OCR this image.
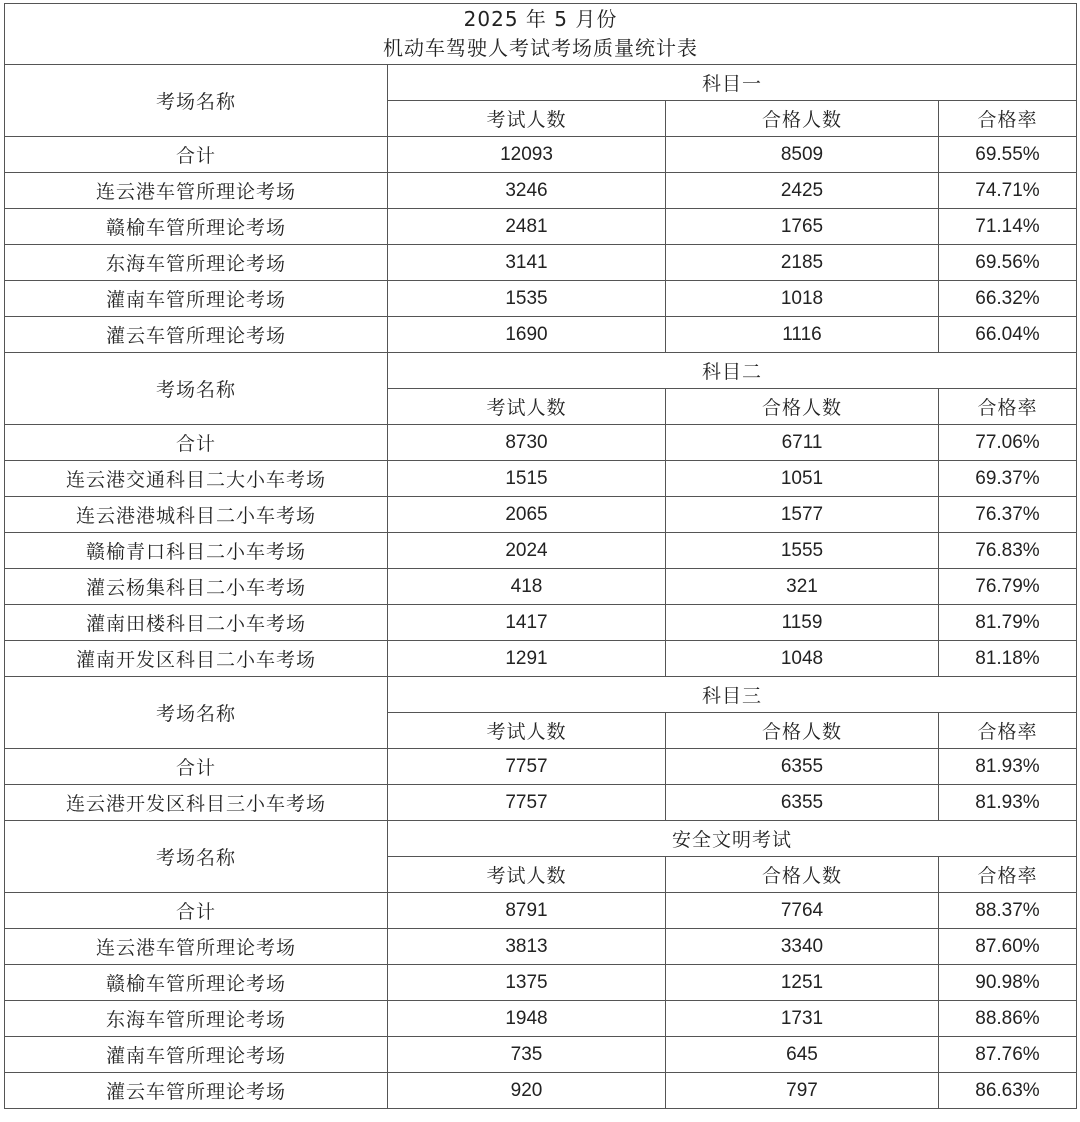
2025 年 5 月份
机动车驾驶人考试考场质量统计表			

考场名称	科目一		
	考试人数	合格人数	合格率
合计	12093	8509	69.55%
连云港车管所理论考场	3246	2425	74.71%
赣榆车管所理论考场	2481	1765	71.14%
东海车管所理论考场	3141	2185	69.56%
灌南车管所理论考场	1535	1018	66.32%
灌云车管所理论考场	1690	1116	66.04%
考场名称	科目二		
	考试人数	合格人数	合格率
合计	8730	6711	77.06%
连云港交通科目二大小车考场	1515	1051	69.37%
连云港港城科目二小车考场	2065	1577	76.37%
赣榆青口科目二小车考场	2024	1555	76.83%
灌云杨集科目二小车考场	418	321	76.79%
灌南田楼科目二小车考场	1417	1159	81.79%
灌南开发区科目二小车考场	1291	1048	81.18%
考场名称	科目三		
	考试人数	合格人数	合格率
合计	7757	6355	81.93%
连云港开发区科目三小车考场	7757	6355	81.93%
考场名称	安全文明考试		
	考试人数	合格人数	合格率
合计	8791	7764	88.37%
连云港车管所理论考场	3813	3340	87.60%
赣榆车管所理论考场	1375	1251	90.98%
东海车管所理论考场	1948	1731	88.86%
灌南车管所理论考场	735	645	87.76%
灌云车管所理论考场	920	797	86.63%
